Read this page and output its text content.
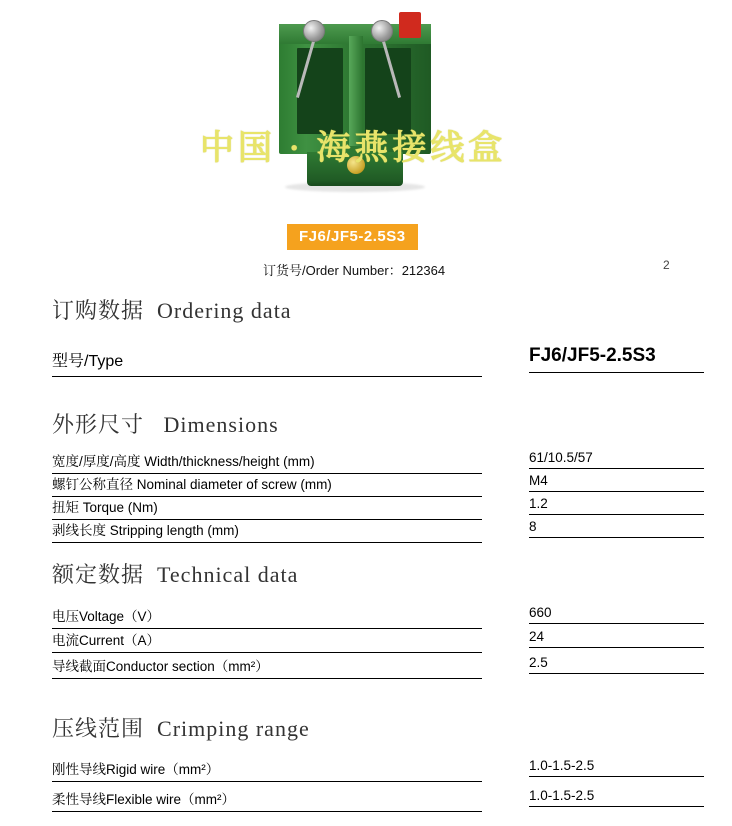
中国 · 海燕接线盒
FJ6/JF5-2.5S3
订货号/Order Number：212364	2
订购数据 Ordering data
型号/Type	FJ6/JF5-2.5S3
外形尺寸 Dimensions
宽度/厚度/高度 Width/thickness/height (mm)	61/10.5/57
螺钉公称直径 Nominal diameter of screw (mm)	M4
扭矩 Torque (Nm)	1.2
剥线长度 Stripping length (mm)	8
额定数据 Technical data
电压Voltage（V）	660
电流Current（A）	24
导线截面Conductor section（mm²）	2.5
压线范围 Crimping range
刚性导线Rigid wire（mm²）	1.0-1.5-2.5
柔性导线Flexible wire（mm²）	1.0-1.5-2.5
